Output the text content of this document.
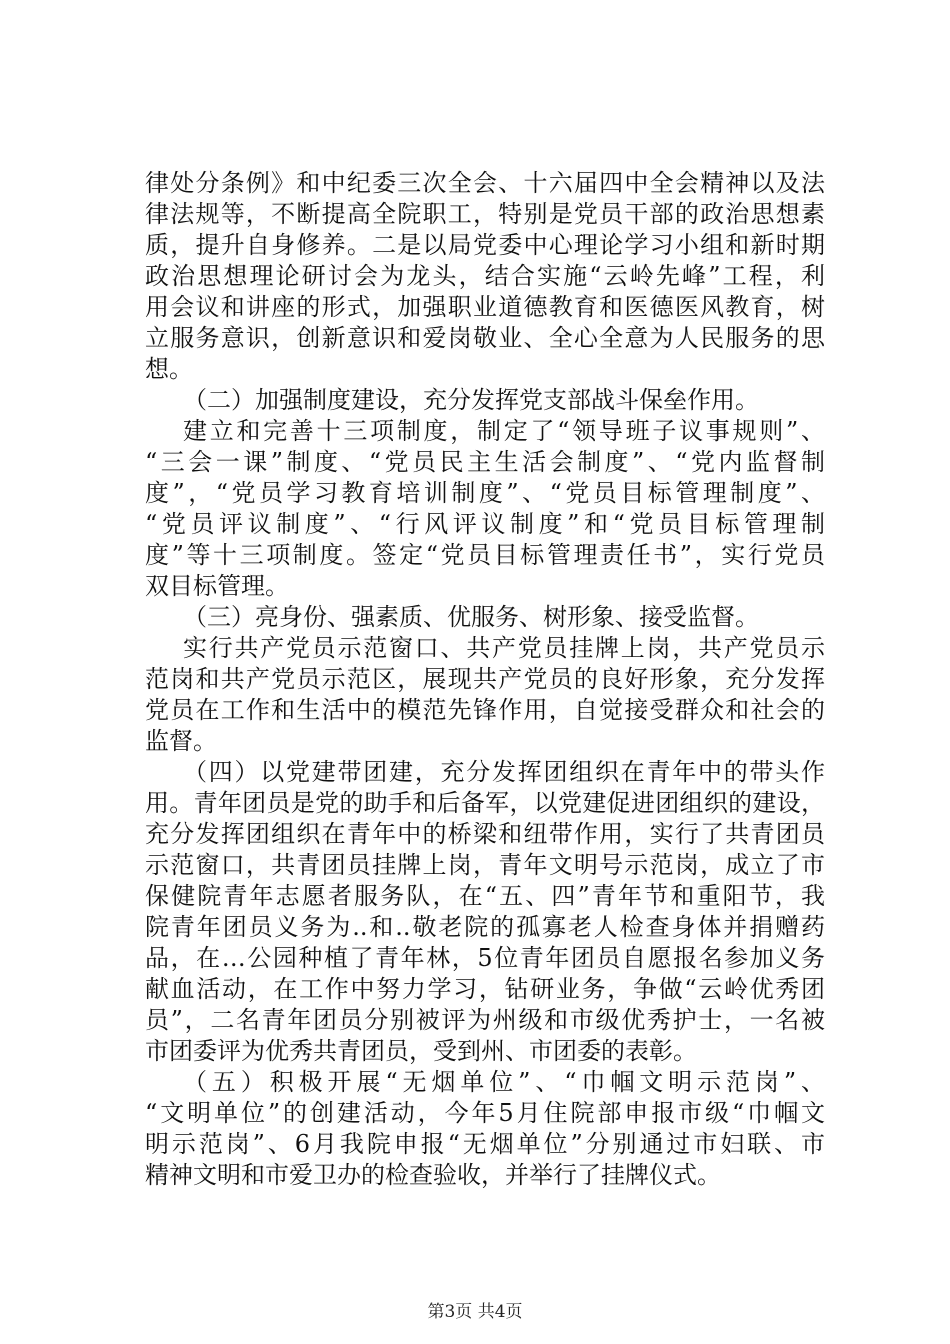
律处分条例》和中纪委三次全会、十六届四中全会精神以及法
律法规等，不断提高全院职工，特别是党员干部的政治思想素
质，提升自身修养。二是以局党委中心理论学习小组和新时期
政治思想理论研讨会为龙头，结合实施“云岭先峰”工程，利
用会议和讲座的形式，加强职业道德教育和医德医风教育，树
立服务意识，创新意识和爱岗敬业、全心全意为人民服务的思
想。
（二）加强制度建设，充分发挥党支部战斗保垒作用。
建立和完善十三项制度，制定了“领导班子议事规则”、
“三会一课”制度、“党员民主生活会制度”、“党内监督制
度”，“党员学习教育培训制度”、“党员目标管理制度”、
“党员评议制度”、“行风评议制度”和“党员目标管理制
度”等十三项制度。签定“党员目标管理责任书”，实行党员
双目标管理。
（三）亮身份、强素质、优服务、树形象、接受监督。
实行共产党员示范窗口、共产党员挂牌上岗，共产党员示
范岗和共产党员示范区，展现共产党员的良好形象，充分发挥
党员在工作和生活中的模范先锋作用，自觉接受群众和社会的
监督。
（四）以党建带团建，充分发挥团组织在青年中的带头作
用。青年团员是党的助手和后备军，以党建促进团组织的建设，
充分发挥团组织在青年中的桥梁和纽带作用，实行了共青团员
示范窗口，共青团员挂牌上岗，青年文明号示范岗，成立了市
保健院青年志愿者服务队，在“五、四”青年节和重阳节，我
院青年团员义务为..和..敬老院的孤寡老人检查身体并捐赠药
品，在…公园种植了青年林，5位青年团员自愿报名参加义务
献血活动，在工作中努力学习，钻研业务，争做“云岭优秀团
员”，二名青年团员分别被评为州级和市级优秀护士，一名被
市团委评为优秀共青团员，受到州、市团委的表彰。
（五）积极开展“无烟单位”、“巾帼文明示范岗”、
“文明单位”的创建活动，今年5月住院部申报市级“巾帼文
明示范岗”、6月我院申报“无烟单位”分别通过市妇联、市
精神文明和市爱卫办的检查验收，并举行了挂牌仪式。
第3页 共4页
